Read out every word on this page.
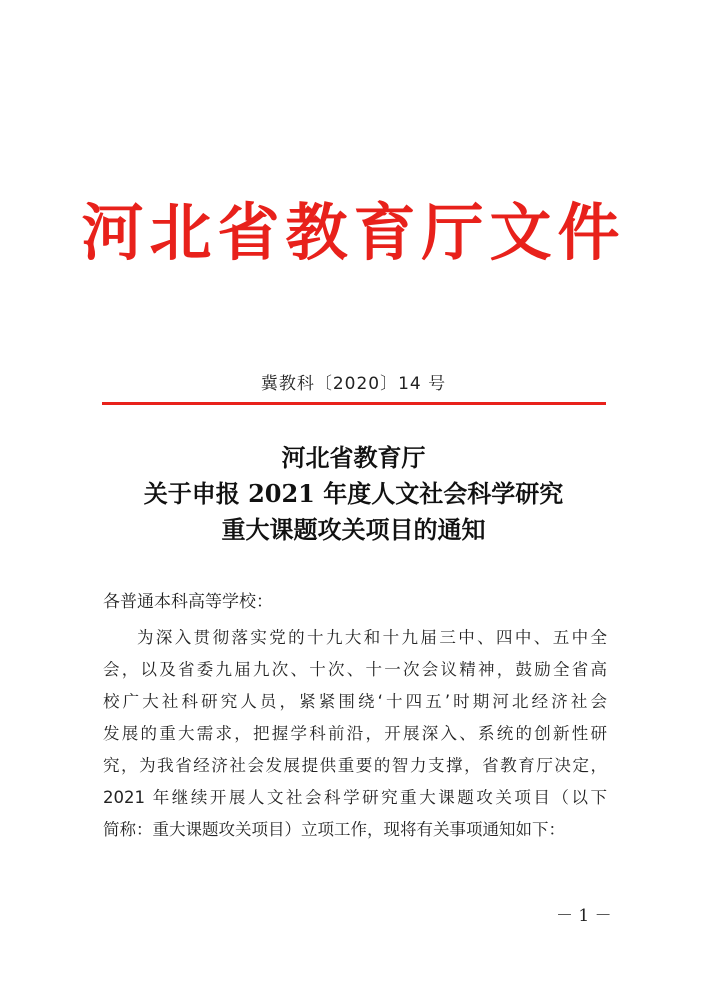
河北省教育厅文件
冀教科〔2020〕14 号
河北省教育厅
关于申报 2021 年度人文社会科学研究
重大课题攻关项目的通知
各普通本科高等学校：
为深入贯彻落实党的十九大和十九届三中、四中、五中全
会，以及省委九届九次、十次、十一次会议精神，鼓励全省高
校广大社科研究人员，紧紧围绕‘十四五’时期河北经济社会
发展的重大需求，把握学科前沿，开展深入、系统的创新性研
究，为我省经济社会发展提供重要的智力支撑，省教育厅决定，
2021 年继续开展人文社会科学研究重大课题攻关项目（以下
简称：重大课题攻关项目）立项工作，现将有关事项通知如下：
－ 1 －
